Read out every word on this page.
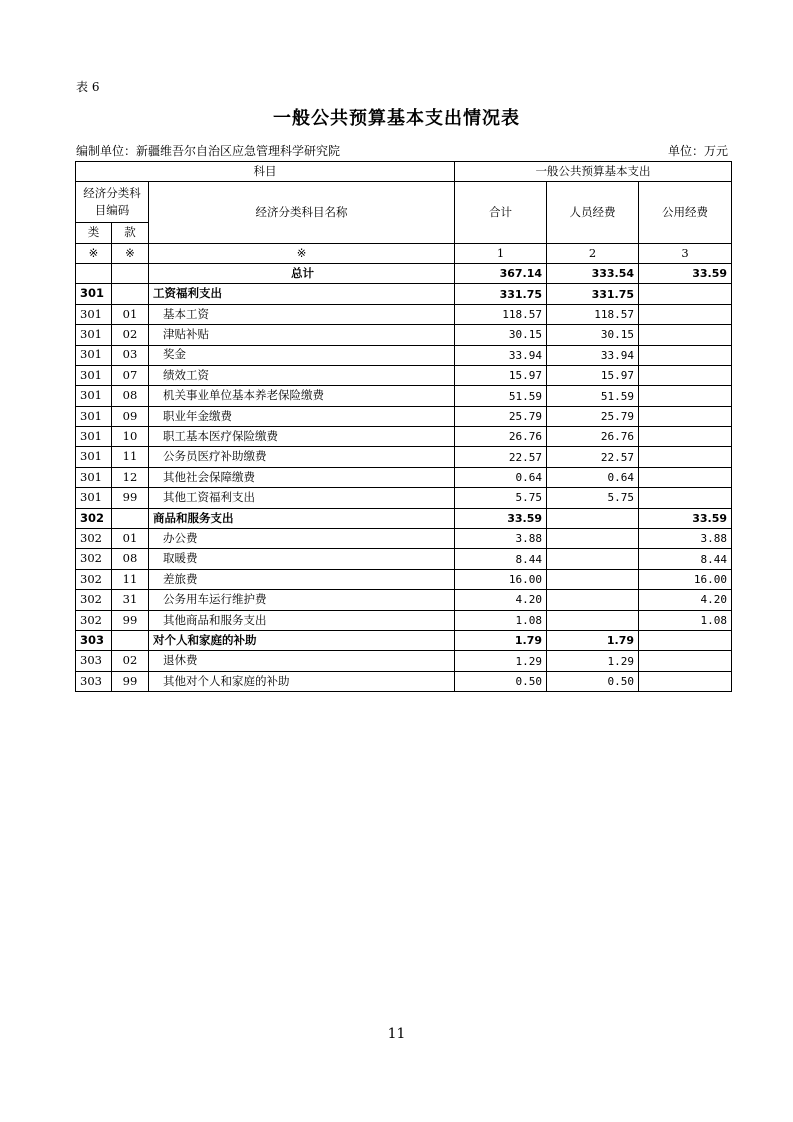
表 6
一般公共预算基本支出情况表
编制单位：新疆维吾尔自治区应急管理科学研究院	单位：万元
科目			一般公共预算基本支出		
经济分类科目编码		经济分类科目名称	合计	人员经费	公用经费
类	款				
※	※	※	1	2	3
		总计	367.14	333.54	33.59
301		工资福利支出	331.75	331.75	
301	01	基本工资	118.57	118.57	
301	02	津贴补贴	30.15	30.15	
301	03	奖金	33.94	33.94	
301	07	绩效工资	15.97	15.97	
301	08	机关事业单位基本养老保险缴费	51.59	51.59	
301	09	职业年金缴费	25.79	25.79	
301	10	职工基本医疗保险缴费	26.76	26.76	
301	11	公务员医疗补助缴费	22.57	22.57	
301	12	其他社会保障缴费	0.64	0.64	
301	99	其他工资福利支出	5.75	5.75	
302		商品和服务支出	33.59		33.59
302	01	办公费	3.88		3.88
302	08	取暖费	8.44		8.44
302	11	差旅费	16.00		16.00
302	31	公务用车运行维护费	4.20		4.20
302	99	其他商品和服务支出	1.08		1.08
303		对个人和家庭的补助	1.79	1.79	
303	02	退休费	1.29	1.29	
303	99	其他对个人和家庭的补助	0.50	0.50	
11
